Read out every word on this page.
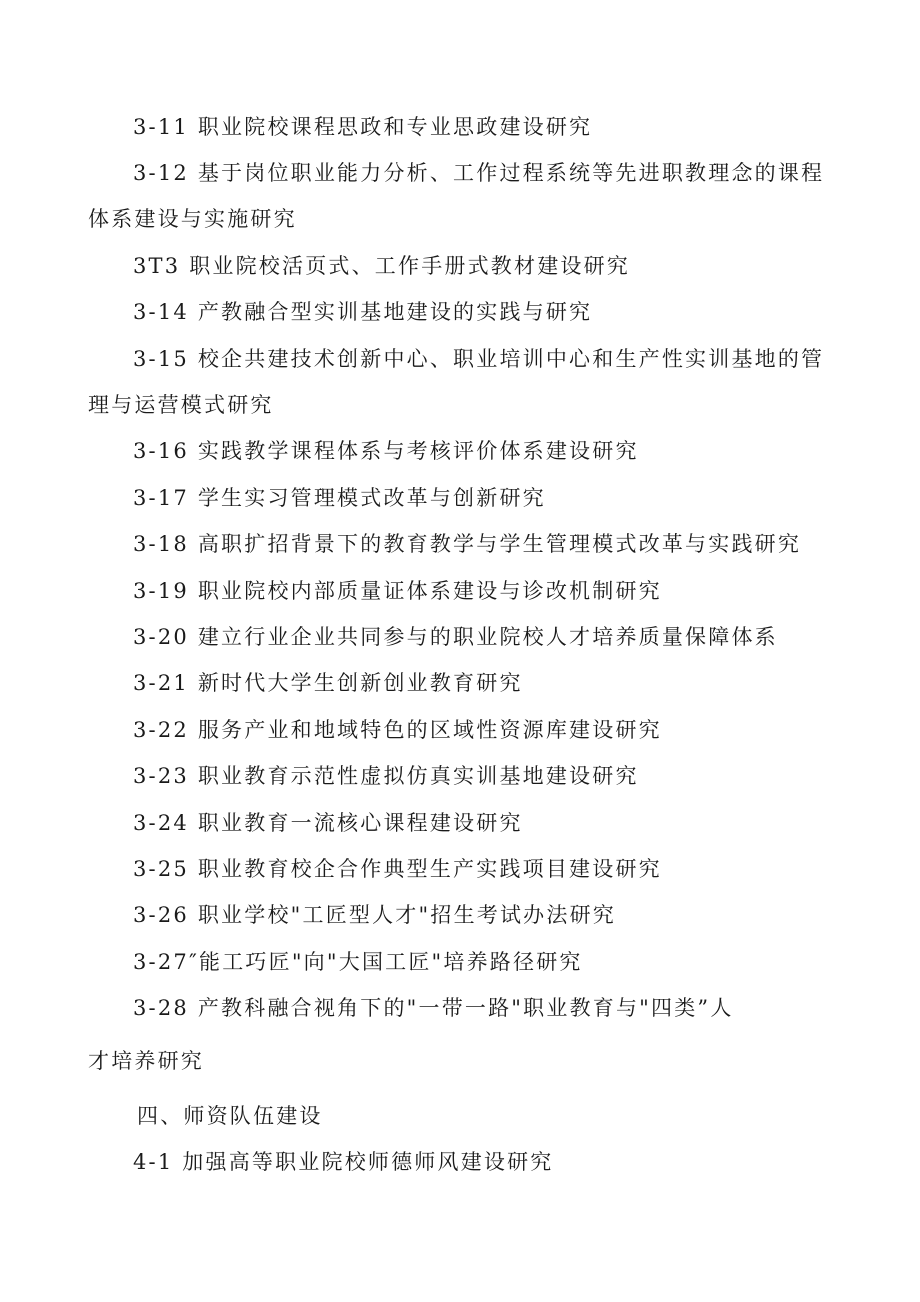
3-11 职业院校课程思政和专业思政建设研究
3-12 基于岗位职业能力分析、工作过程系统等先进职教理念的课程
体系建设与实施研究
3T3 职业院校活页式、工作手册式教材建设研究
3-14 产教融合型实训基地建设的实践与研究
3-15 校企共建技术创新中心、职业培训中心和生产性实训基地的管
理与运营模式研究
3-16 实践教学课程体系与考核评价体系建设研究
3-17 学生实习管理模式改革与创新研究
3-18 高职扩招背景下的教育教学与学生管理模式改革与实践研究
3-19 职业院校内部质量证体系建设与诊改机制研究
3-20 建立行业企业共同参与的职业院校人才培养质量保障体系
3-21 新时代大学生创新创业教育研究
3-22 服务产业和地域特色的区域性资源库建设研究
3-23 职业教育示范性虚拟仿真实训基地建设研究
3-24 职业教育一流核心课程建设研究
3-25 职业教育校企合作典型生产实践项目建设研究
3-26 职业学校"工匠型人才"招生考试办法研究
3-27″能工巧匠"向"大国工匠"培养路径研究
3-28 产教科融合视角下的"一带一路"职业教育与"四类”人
才培养研究
四、师资队伍建设
4-1 加强高等职业院校师德师风建设研究
